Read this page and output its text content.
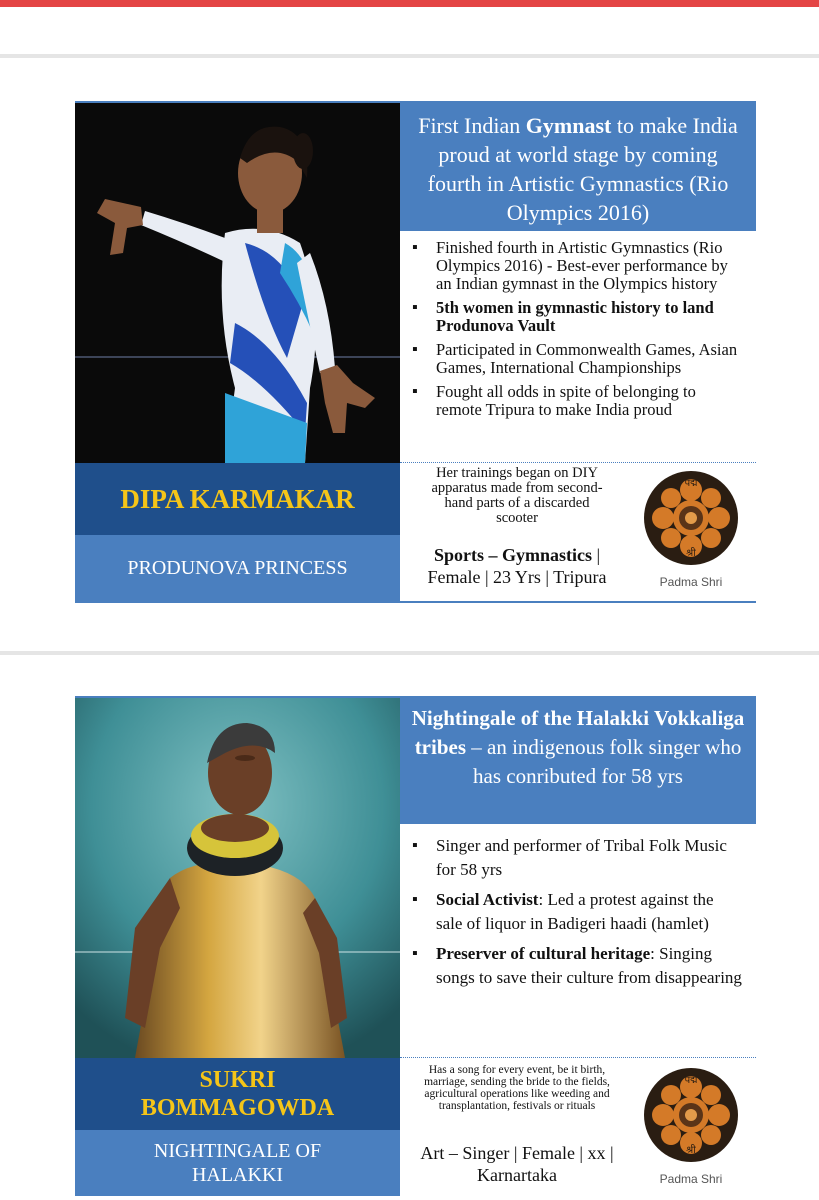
First Indian Gymnast to make India proud at world stage by coming fourth in Artistic Gymnastics (Rio Olympics 2016)
▪ Finished fourth in Artistic Gymnastics (Rio Olympics 2016) - Best-ever performance by an Indian gymnast in the Olympics history
▪ 5th women in gymnastic history to land Produnova Vault
▪ Participated in Commonwealth Games, Asian Games, International Championships
▪ Fought all odds in spite of belonging to remote Tripura to make India proud
DIPA KARMAKAR
PRODUNOVA PRINCESS
Her trainings began on DIY apparatus made from second-hand parts of a discarded scooter
Sports – Gymnastics | Female | 23 Yrs | Tripura
पद्म
श्री
Padma Shri
Nightingale of the Halakki Vokkaliga tribes – an indigenous folk singer who has conributed for 58 yrs
▪ Singer and performer of Tribal Folk Music for 58 yrs
▪ Social Activist: Led a protest against the sale of liquor in Badigeri haadi (hamlet)
▪ Preserver of cultural heritage: Singing songs to save their culture from disappearing
SUKRI BOMMAGOWDA
NIGHTINGALE OF HALAKKI
Has a song for every event, be it birth, marriage, sending the bride to the fields, agricultural operations like weeding and transplantation, festivals or rituals
Art – Singer | Female | xx | Karnartaka
पद्म
श्री
Padma Shri
